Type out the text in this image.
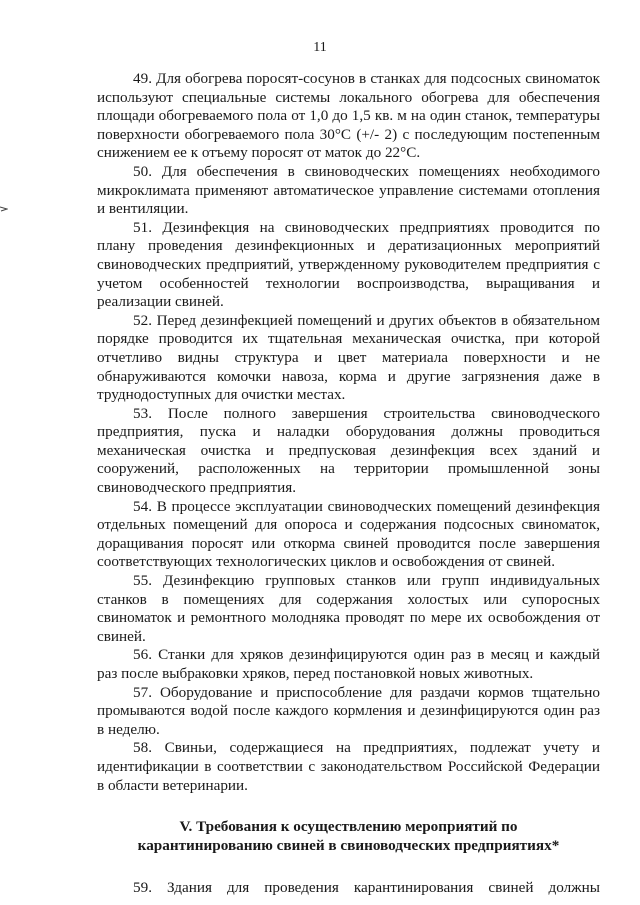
11

49. Для обогрева поросят-сосунов в станках для подсосных свиноматок используют специальные системы локального обогрева для обеспечения площади обогреваемого пола от 1,0 до 1,5 кв. м на один станок, температуры поверхности обогреваемого пола 30°С (+/- 2) с последующим постепенным снижением ее к отъему поросят от маток до 22°С.

50. Для обеспечения в свиноводческих помещениях необходимого микроклимата применяют автоматическое управление системами отопления и вентиляции.

51. Дезинфекция на свиноводческих предприятиях проводится по плану проведения дезинфекционных и дератизационных мероприятий свиноводческих предприятий, утвержденному руководителем предприятия с учетом особенностей технологии воспроизводства, выращивания и реализации свиней.

52. Перед дезинфекцией помещений и других объектов в обязательном порядке проводится их тщательная механическая очистка, при которой отчетливо видны структура и цвет материала поверхности и не обнаруживаются комочки навоза, корма и другие загрязнения даже в труднодоступных для очистки местах.

53. После полного завершения строительства свиноводческого предприятия, пуска и наладки оборудования должны проводиться механическая очистка и предпусковая дезинфекция всех зданий и сооружений, расположенных на территории промышленной зоны свиноводческого предприятия.

54. В процессе эксплуатации свиноводческих помещений дезинфекция отдельных помещений для опороса и содержания подсосных свиноматок, доращивания поросят или откорма свиней проводится после завершения соответствующих технологических циклов и освобождения от свиней.

55. Дезинфекцию групповых станков или групп индивидуальных станков в помещениях для содержания холостых или супоросных свиноматок и ремонтного молодняка проводят по мере их освобождения от свиней.

56. Станки для хряков дезинфицируются один раз в месяц и каждый раз после выбраковки хряков, перед постановкой новых животных.

57. Оборудование и приспособление для раздачи кормов тщательно промываются водой после каждого кормления и дезинфицируются один раз в неделю.

58. Свиньи, содержащиеся на предприятиях, подлежат учету и идентификации в соответствии с законодательством Российской Федерации в области ветеринарии.

V. Требования к осуществлению мероприятий по
карантинированию свиней в свиноводческих предприятиях*

59. Здания для проведения карантинирования свиней должны
